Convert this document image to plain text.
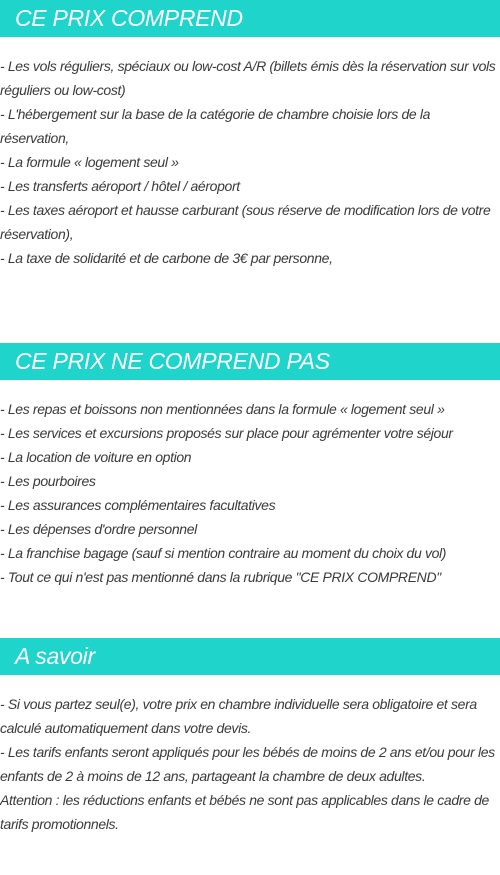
CE PRIX COMPREND
- Les vols réguliers, spéciaux ou low-cost A/R (billets émis dès la réservation sur vols réguliers ou low-cost)
- L'hébergement sur la base de la catégorie de chambre choisie lors de la réservation,
- La formule « logement seul »
- Les transferts aéroport / hôtel / aéroport
- Les taxes aéroport et hausse carburant (sous réserve de modification lors de votre réservation),
- La taxe de solidarité et de carbone de 3€ par personne,
CE PRIX NE COMPREND PAS
- Les repas et boissons non mentionnées dans la formule « logement seul »
- Les services et excursions proposés sur place pour agrémenter votre séjour
- La location de voiture en option
- Les pourboires
- Les assurances complémentaires facultatives
- Les dépenses d'ordre personnel
- La franchise bagage (sauf si mention contraire au moment du choix du vol)
- Tout ce qui n'est pas mentionné dans la rubrique "CE PRIX COMPREND"
A savoir
- Si vous partez seul(e), votre prix en chambre individuelle sera obligatoire et sera calculé automatiquement dans votre devis.
- Les tarifs enfants seront appliqués pour les bébés de moins de 2 ans et/ou pour les enfants de 2 à moins de 12 ans, partageant la chambre de deux adultes.
Attention : les réductions enfants et bébés ne sont pas applicables dans le cadre de tarifs promotionnels.
